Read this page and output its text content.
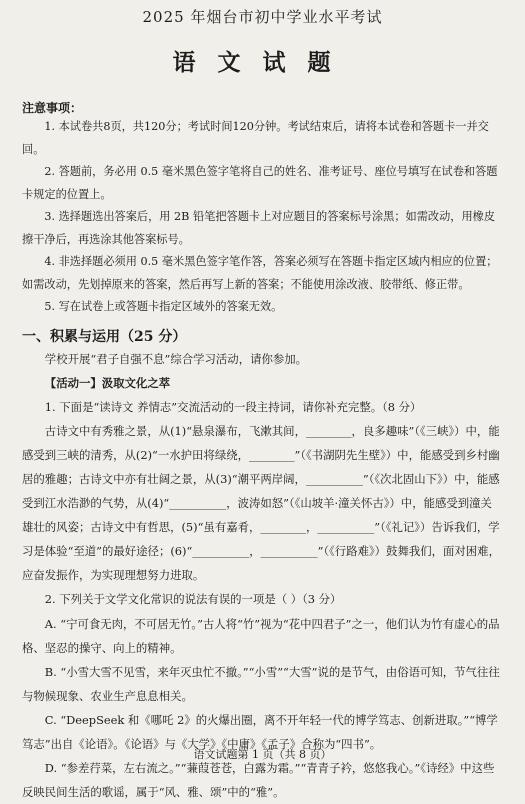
2025 年烟台市初中学业水平考试
语文试题
注意事项：

1. 本试卷共8页，共120分；考试时间120分钟。考试结束后，请将本试卷和答题卡一并交回。

2. 答题前，务必用 0.5 毫米黑色签字笔将自己的姓名、准考证号、座位号填写在试卷和答题卡规定的位置上。

3. 选择题选出答案后，用 2B 铅笔把答题卡上对应题目的答案标号涂黑；如需改动，用橡皮擦干净后，再选涂其他答案标号。

4. 非选择题必须用 0.5 毫米黑色签字笔作答，答案必须写在答题卡指定区域内相应的位置；如需改动，先划掉原来的答案，然后再写上新的答案；不能使用涂改液、胶带纸、修正带。

5. 写在试卷上或答题卡指定区域外的答案无效。

一、积累与运用（25 分）

学校开展“君子自强不息”综合学习活动，请你参加。

【活动一】汲取文化之萃

1. 下面是“读诗文 养情志”交流活动的一段主持词，请你补充完整。（8 分）

古诗文中有秀雅之景，从(1)“悬泉瀑布，飞漱其间，________，良多趣味”（《三峡》）中，能感受到三峡的清秀，从(2)“一水护田将绿绕，________”（《书湖阴先生壁》）中，能感受到乡村幽居的雅趣；古诗文中亦有壮阔之景，从(3)“潮平两岸阔，__________”（《次北固山下》）中，能感受到江水浩渺的气势，从(4)“__________，波涛如怒”（《山坡羊·潼关怀古》）中，能感受到潼关雄壮的风姿；古诗文中有哲思，(5)“虽有嘉肴，________，__________”（《礼记》）告诉我们，学习是体验“至道”的最好途径；(6)“__________，__________”（《行路难》）鼓舞我们，面对困难，应奋发振作，为实现理想努力进取。

2. 下列关于文学文化常识的说法有误的一项是（ ）（3 分）

A. “宁可食无肉，不可居无竹。”古人将“竹”视为“花中四君子”之一，他们认为竹有虚心的品格、坚忍的操守、向上的精神。

B. “小雪大雪不见雪，来年灭虫忙不撤。”“小雪”“大雪”说的是节气，由俗语可知，节气往往与物候现象、农业生产息息相关。

C. “DeepSeek 和《哪吒 2》的火爆出圈，离不开年轻一代的博学笃志、创新进取。”“博学笃志”出自《论语》。《论语》与《大学》《中庸》《孟子》合称为“四书”。

D. “参差荇菜，左右流之。”“蒹葭苍苍，白露为霜。”“青青子衿，悠悠我心。”《诗经》中这些反映民间生活的歌谣，属于“风、雅、颂”中的“雅”。

语文试题第 1 页（共 8 页）
